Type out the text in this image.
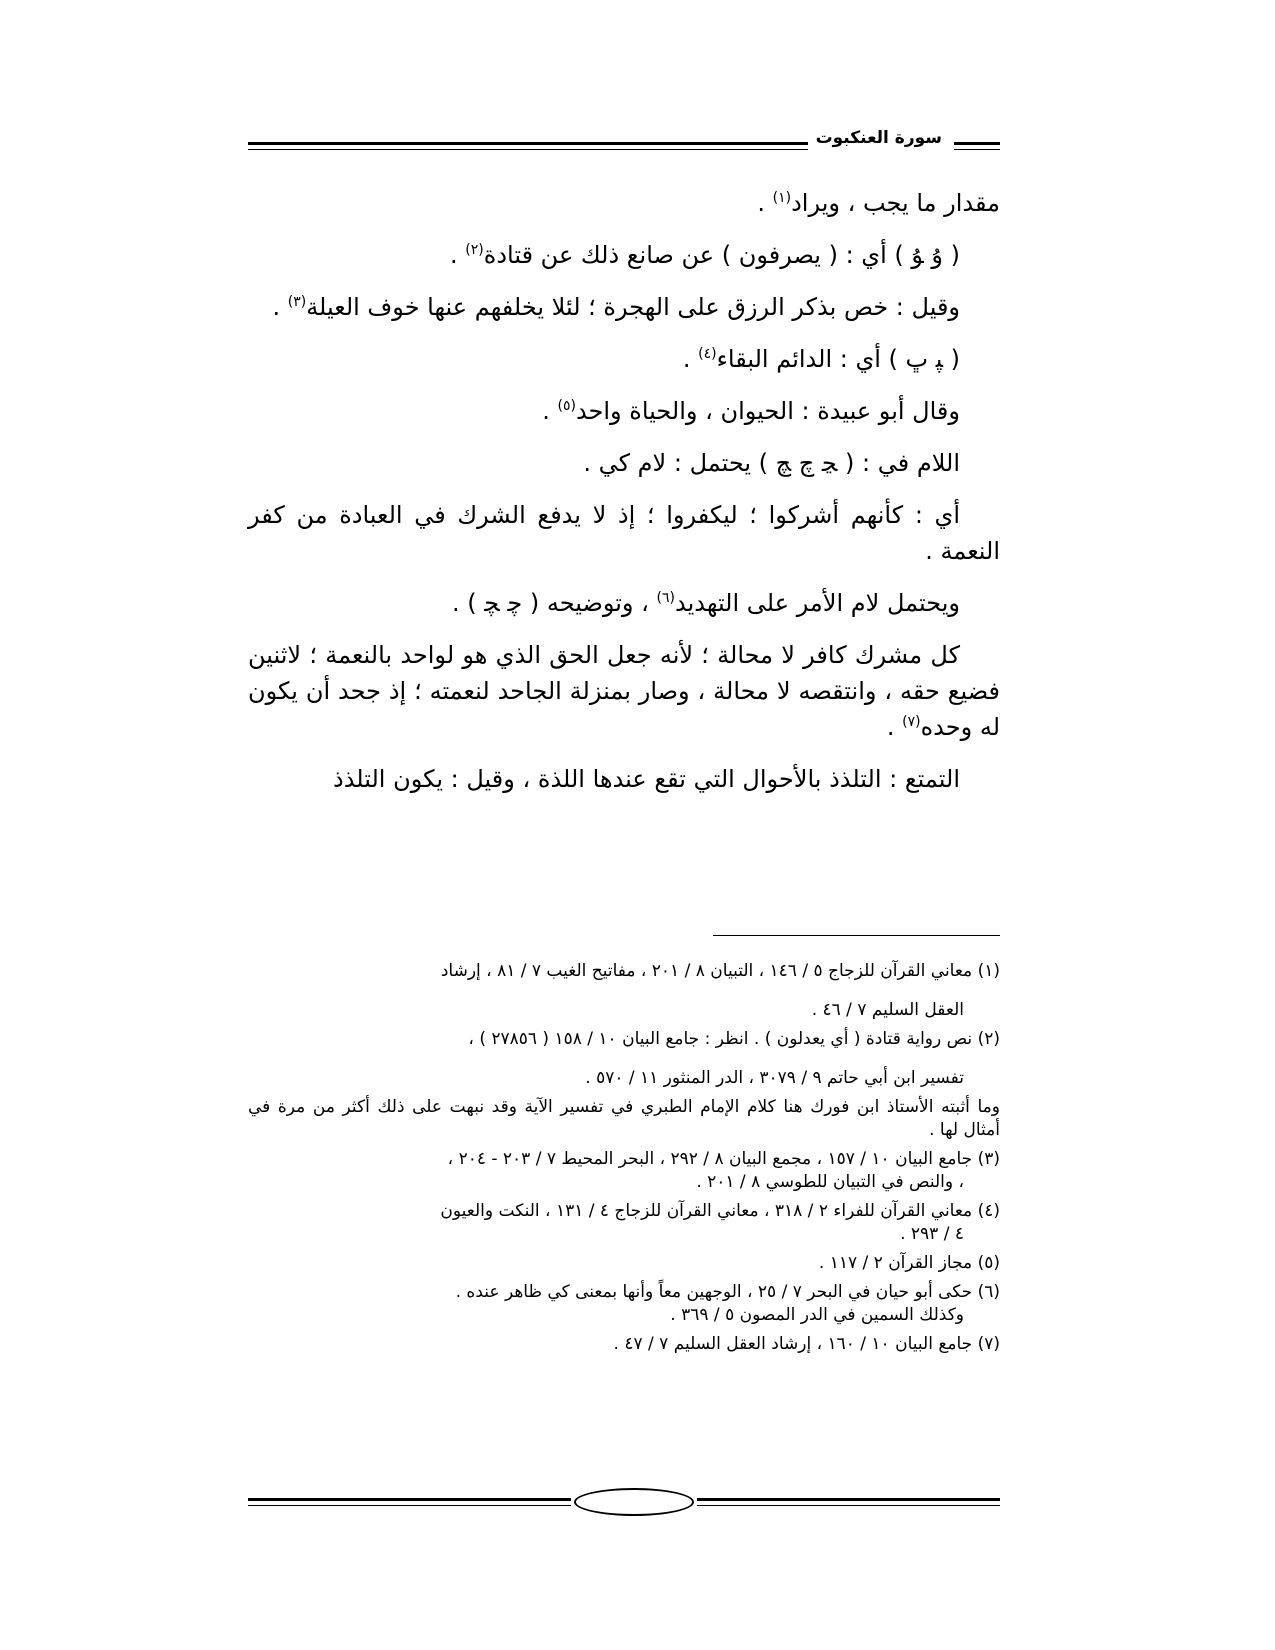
سورة العنكبوت

مقدار ما يجب ، ويراد$^{(١)}$ .

( ﯗ ﯘ ) أي : ( يصرفون ) عن صانع ذلك عن قتادة$^{(٢)}$ .

وقيل : خص بذكر الرزق على الهجرة ؛ لئلا يخلفهم عنها خوف العيلة$^{(٣)}$ .

( ﭙ ﭚ ) أي : الدائم البقاء$^{(٤)}$ .

وقال أبو عبيدة : الحيوان ، والحياة واحد$^{(٥)}$ .

اللام في : ( ﭹ ﭺ ﭻ ) يحتمل : لام كي .

أي : كأنهم أشركوا ؛ ليكفروا ؛ إذ لا يدفع الشرك في العبادة من كفر النعمة .

ويحتمل لام الأمر على التهديد$^{(٦)}$ ، وتوضيحه ( ﭼ ﭽ ) .

كل مشرك كافر لا محالة ؛ لأنه جعل الحق الذي هو لواحد بالنعمة ؛ لاثنين فضيع حقه ، وانتقصه لا محالة ، وصار بمنزلة الجاحد لنعمته ؛ إذ جحد أن يكون له وحده$^{(٧)}$ .

التمتع : التلذذ بالأحوال التي تقع عندها اللذة ، وقيل : يكون التلذذ

(١) معاني القرآن للزجاج ٥ / ١٤٦ ، التبيان ٨ / ٢٠١ ، مفاتيح الغيب ٧ / ٨١ ، إرشاد
العقل السليم ٧ / ٤٦ .
(٢) نص رواية قتادة ( أي يعدلون ) . انظر : جامع البيان ١٠ / ١٥٨ ( ٢٧٨٥٦ ) ،
تفسير ابن أبي حاتم ٩ / ٣٠٧٩ ، الدر المنثور ١١ / ٥٧٠ .
وما أثبته الأستاذ ابن فورك هنا كلام الإمام الطبري في تفسير الآية وقد نبهت على ذلك أكثر من مرة في أمثال لها .
(٣) جامع البيان ١٠ / ١٥٧ ، مجمع البيان ٨ / ٢٩٢ ، البحر المحيط ٧ / ٢٠٣ - ٢٠٤ ،
، والنص في التبيان للطوسي ٨ / ٢٠١ .
(٤) معاني القرآن للفراء ٢ / ٣١٨ ، معاني القرآن للزجاج ٤ / ١٣١ ، النكت والعيون
٤ / ٢٩٣ .
(٥) مجاز القرآن ٢ / ١١٧ .
(٦) حكى أبو حيان في البحر ٧ / ٢٥ ، الوجهين معاً وأنها بمعنى كي ظاهر عنده .
وكذلك السمين في الدر المصون ٥ / ٣٦٩ .
(٧) جامع البيان ١٠ / ١٦٠ ، إرشاد العقل السليم ٧ / ٤٧ .
